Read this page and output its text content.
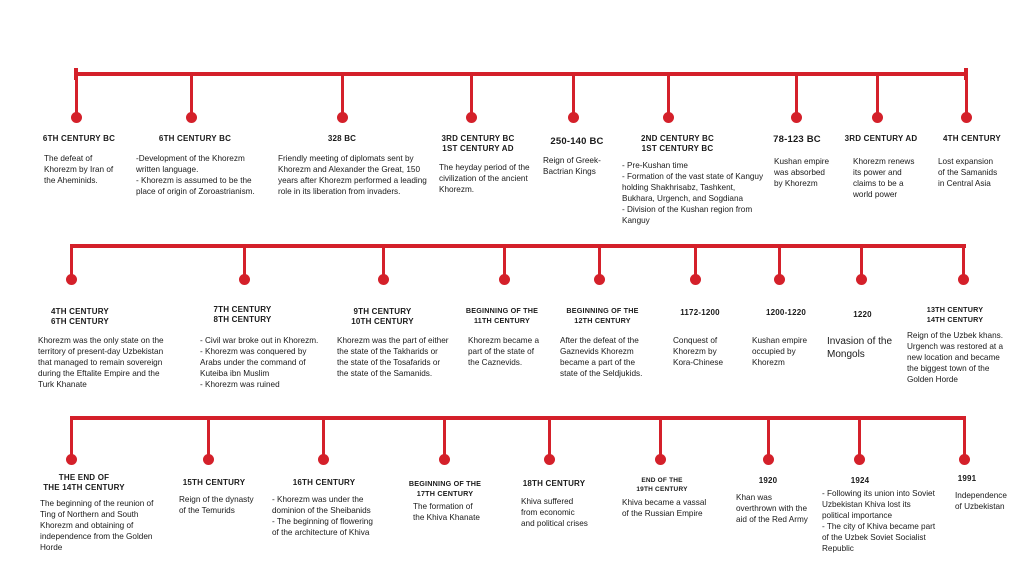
6TH CENTURY BC
The defeat of
Khorezm by Iran of
the Aheminids.
6TH CENTURY BC
-Development of the Khorezm
written language.
- Khorezm is assumed to be the
place of origin of Zoroastrianism.
328 BC
Friendly meeting of diplomats sent by
Khorezm and Alexander the Great, 150
years after Khorezm performed a leading
role in its liberation from invaders.
3RD CENTURY BC
1ST CENTURY AD
The heyday period of the
civilization of the ancient
Khorezm.
250-140 BC
Reign of Greek-
Bactrian Kings
2ND CENTURY BC
1ST CENTURY BC
- Pre-Kushan time
- Formation of the vast state of Kanguy
holding Shakhrisabz, Tashkent,
Bukhara, Urgench, and Sogdiana
- Division of the Kushan region from
Kanguy
78-123 BC
Kushan empire
was absorbed
by Khorezm
3RD CENTURY AD
Khorezm renews
its power and
claims to be a
world power
4TH CENTURY
Lost expansion
of the Samanids
in Central Asia
4TH CENTURY
6TH CENTURY
Khorezm was the only state on the
territory of present-day Uzbekistan
that managed to remain sovereign
during the Eftalite Empire and the
Turk Khanate
7TH CENTURY
8TH CENTURY
- Civil war broke out in Khorezm.
- Khorezm was conquered by
Arabs under the command of
Kuteiba ibn Muslim
- Khorezm was ruined
9TH CENTURY
10TH CENTURY
Khorezm was the part of either
the state of the Takharids or
the state of the Tosafarids or
the state of the Samanids.
BEGINNING OF THE
11TH CENTURY
Khorezm became a
part of the state of
the Caznevids.
BEGINNING OF THE
12TH CENTURY
After the defeat of the
Gaznevids Khorezm
became a part of the
state of the Seldjukids.
1172-1200
Conquest of
Khorezm by
Kora-Chinese
1200-1220
Kushan empire
occupied by
Khorezm
1220
Invasion of the
Mongols
13TH CENTURY
14TH CENTURY
Reign of the Uzbek khans.
Urgench was restored at a
new location and became
the biggest town of the
Golden Horde
THE END OF
THE 14TH CENTURY
The beginning of the reunion of
Ting of Northern and South
Khorezm and obtaining of
independence from the Golden
Horde
15TH CENTURY
Reign of the dynasty
of the Temurids
16TH CENTURY
- Khorezm was under the
dominion of the Sheibanids
- The beginning of flowering
of the architecture of Khiva
BEGINNING OF THE
17TH CENTURY
The formation of
the Khiva Khanate
18TH CENTURY
Khiva suffered
from economic
and political crises
END OF THE
19TH CENTURY
Khiva became a vassal
of the Russian Empire
1920
Khan was
overthrown with the
aid of the Red Army
1924
- Following its union into Soviet
Uzbekistan Khiva lost its
political importance
- The city of Khiva became part
of the Uzbek Soviet Socialist
Republic
1991
Independence
of Uzbekistan
